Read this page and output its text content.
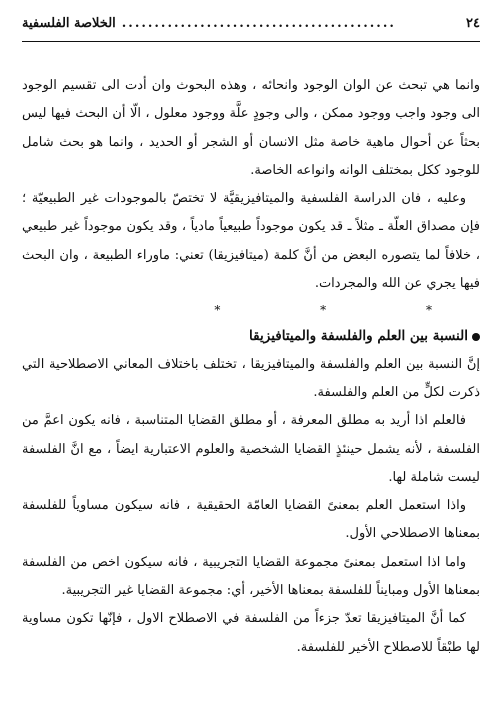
٢٤
..........................................
الخلاصة الفلسفية

وانما هي تبحث عن الوان الوجود وانحائه ، وهذه البحوث وان أدت الى تقسيم الوجود الى وجود واجب ووجود ممكن ، والى وجودٍ علَّة ووجود معلول ، الّا أن البحث فيها ليس بحثاً عن أحوال ماهية خاصة مثل الانسان أو الشجر أو الحديد ، وانما هو بحث شامل للوجود ككل بمختلف الوانه وانواعه الخاصة.

وعليه ، فان الدراسة الفلسفية والميتافيزيقيَّة لا تختصّ بالموجودات غير الطبيعيّة ؛ فإن مصداق العلّة ـ مثلاً ـ قد يكون موجوداً طبيعياً مادياً ، وقد يكون موجوداً غير طبيعي ، خلافاً لما يتصوره البعض من أنَّ كلمة (ميتافيزيقا) تعني: ماوراء الطبيعة ، وان البحث فيها يجري عن الله والمجردات.

* * *

النسبة بين العلم والفلسفة والميتافيزيقا

إنَّ النسبة بين العلم والفلسفة والميتافيزيقا ، تختلف باختلاف المعاني الاصطلاحية التي ذكرت لكلٍّ من العلم والفلسفة.

فالعلم اذا أريد به مطلق المعرفة ، أو مطلق القضايا المتناسبة ، فانه يكون اعمَّ من الفلسفة ، لأنه يشمل حينئذٍ القضايا الشخصية والعلوم الاعتبارية ايضاً ، مع انَّ الفلسفة ليست شاملة لها.

واذا استعمل العلم بمعنىً القضايا العامّة الحقيقية ، فانه سيكون مساوياً للفلسفة بمعناها الاصطلاحي الأول.

واما اذا استعمل بمعنىً مجموعة القضايا التجريبية ، فانه سيكون اخص من الفلسفة بمعناها الأول ومبايناً للفلسفة بمعناها الأخير، أي: مجموعة القضايا غير التجريبية.

كما أنَّ الميتافيزيقا تعدّ جزءاً من الفلسفة في الاصطلاح الاول ، فإنّها تكون مساوية لها طبْقاً للاصطلاح الأخير للفلسفة.
